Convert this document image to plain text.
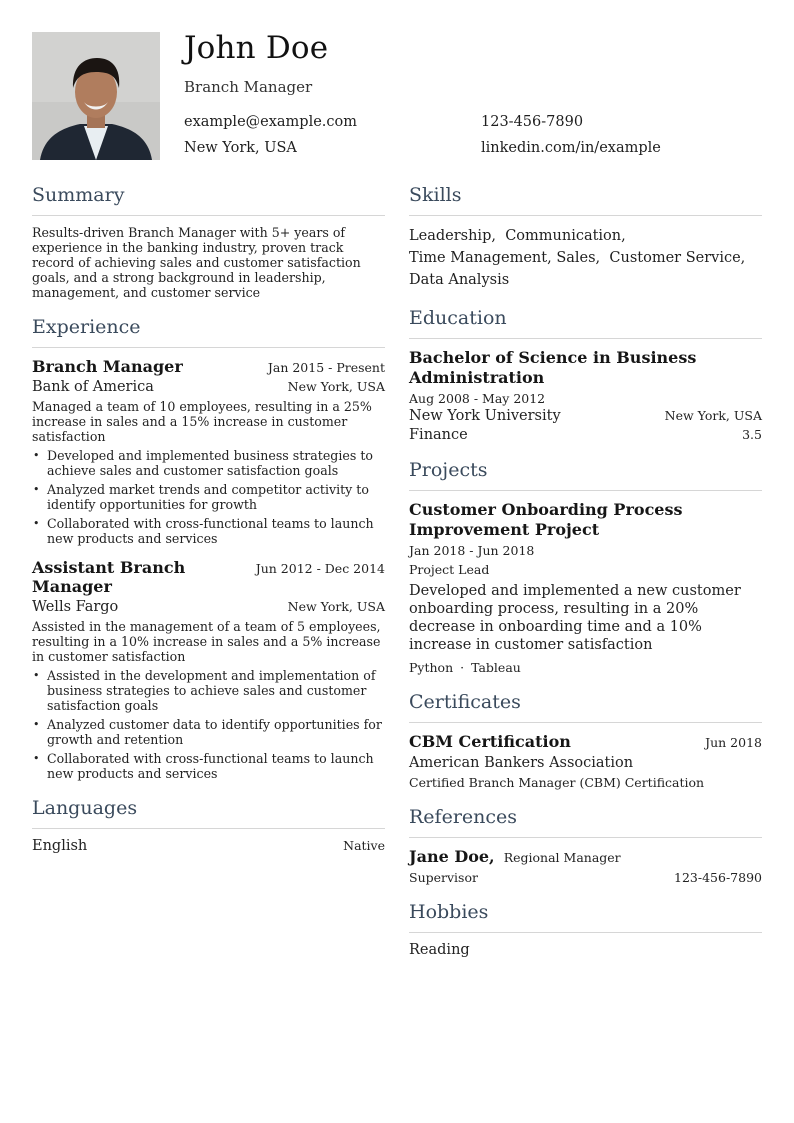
John Doe
Branch Manager
example@example.com	123-456-7890
New York, USA	linkedin.com/in/example
Summary
Results-driven Branch Manager with 5+ years of experience in the banking industry, proven track record of achieving sales and customer satisfaction goals, and a strong background in leadership, management, and customer service
Experience
Branch Manager	Jan 2015 - Present
Bank of America	New York, USA
Managed a team of 10 employees, resulting in a 25% increase in sales and a 15% increase in customer satisfaction
• Developed and implemented business strategies to achieve sales and customer satisfaction goals
• Analyzed market trends and competitor activity to identify opportunities for growth
• Collaborated with cross-functional teams to launch new products and services
Assistant Branch Manager
Jun 2012 - Dec 2014
Wells Fargo	New York, USA
Assisted in the management of a team of 5 employees, resulting in a 10% increase in sales and a 5% increase in customer satisfaction
• Assisted in the development and implementation of business strategies to achieve sales and customer satisfaction goals
• Analyzed customer data to identify opportunities for growth and retention
• Collaborated with cross-functional teams to launch new products and services
Languages
English	Native
Skills
Leadership, Communication,  Time Management, Sales, Customer Service,  Data Analysis
Education
Bachelor of Science in Business Administration
Aug 2008 - May 2012
New York University	New York, USA
Finance	3.5
Projects
Customer Onboarding Process Improvement Project
Jan 2018 - Jun 2018
Project Lead
Developed and implemented a new customer onboarding process, resulting in a 20% decrease in onboarding time and a 10% increase in customer satisfaction
Python · Tableau
Certificates
CBM Certification	Jun 2018
American Bankers Association
Certified Branch Manager (CBM) Certification
References
Jane Doe, Regional Manager
Supervisor	123-456-7890
Hobbies
Reading
